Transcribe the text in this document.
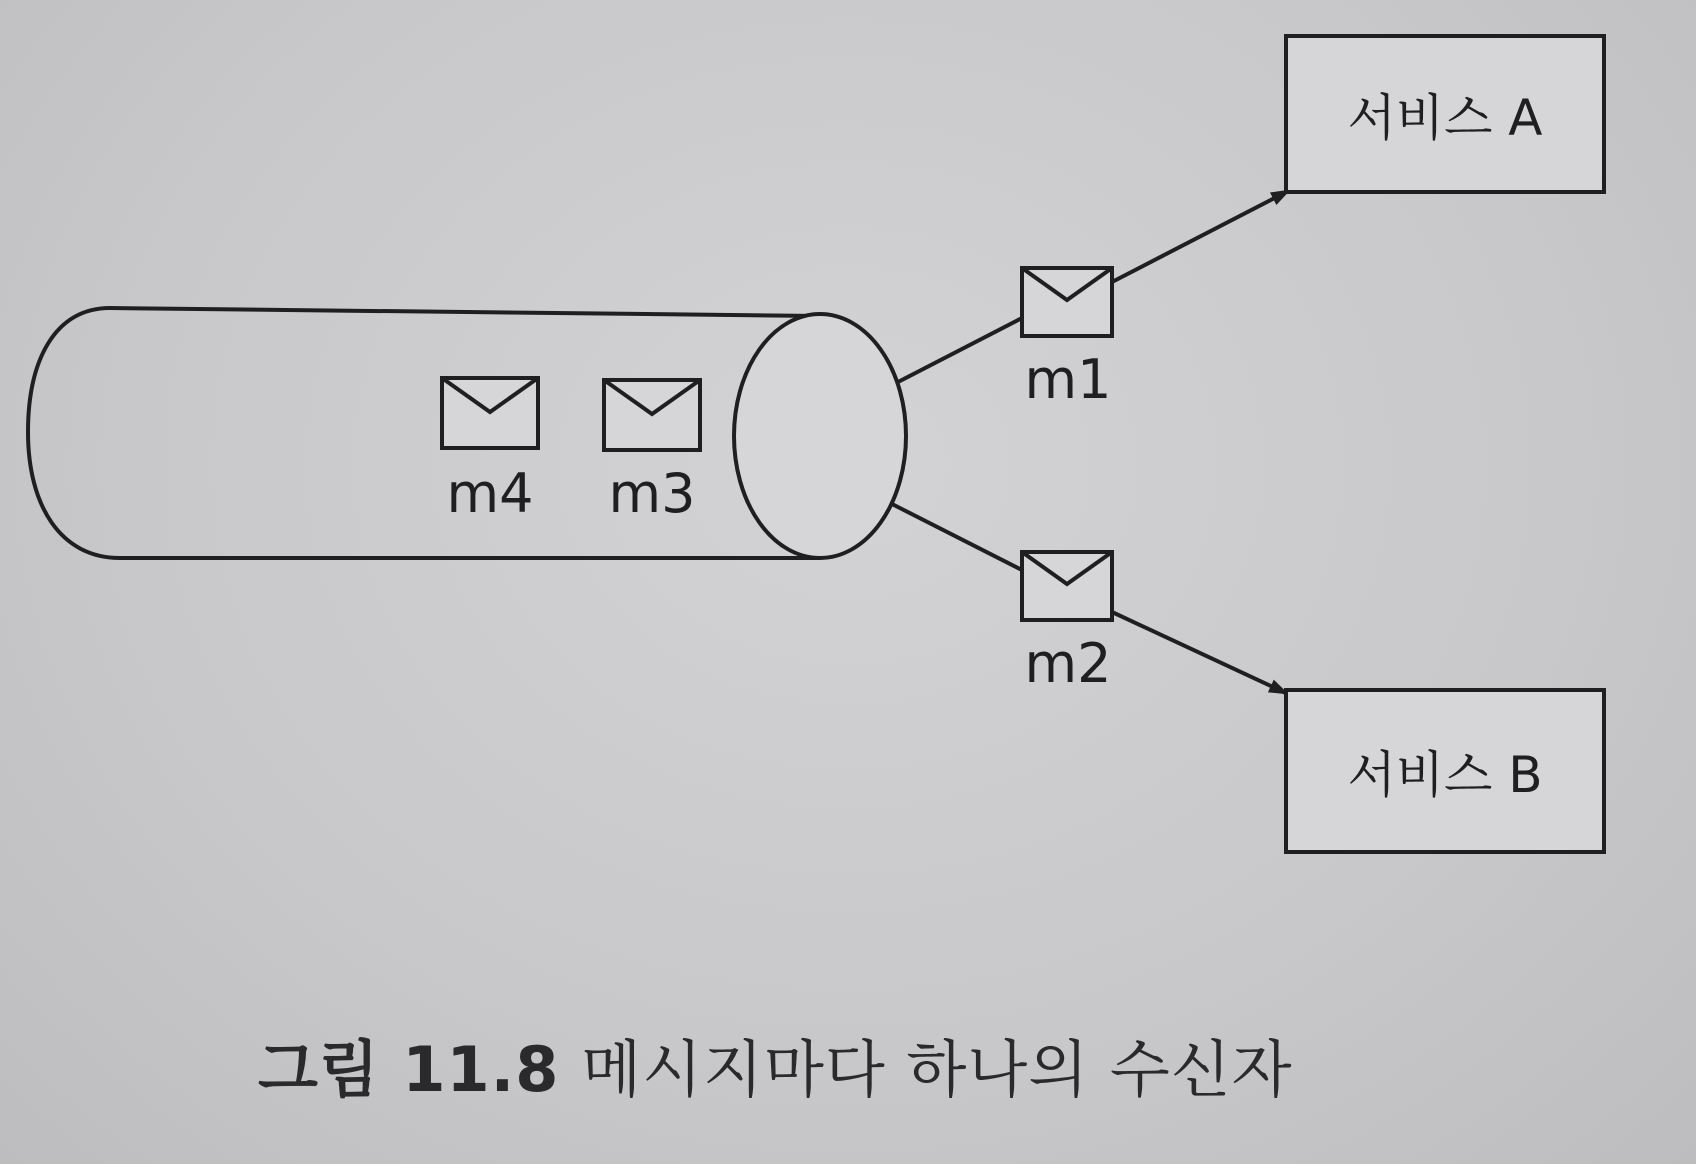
m4 m3
m1
m2
서비스 A
서비스 B
그림 11.8 메시지마다 하나의 수신자
